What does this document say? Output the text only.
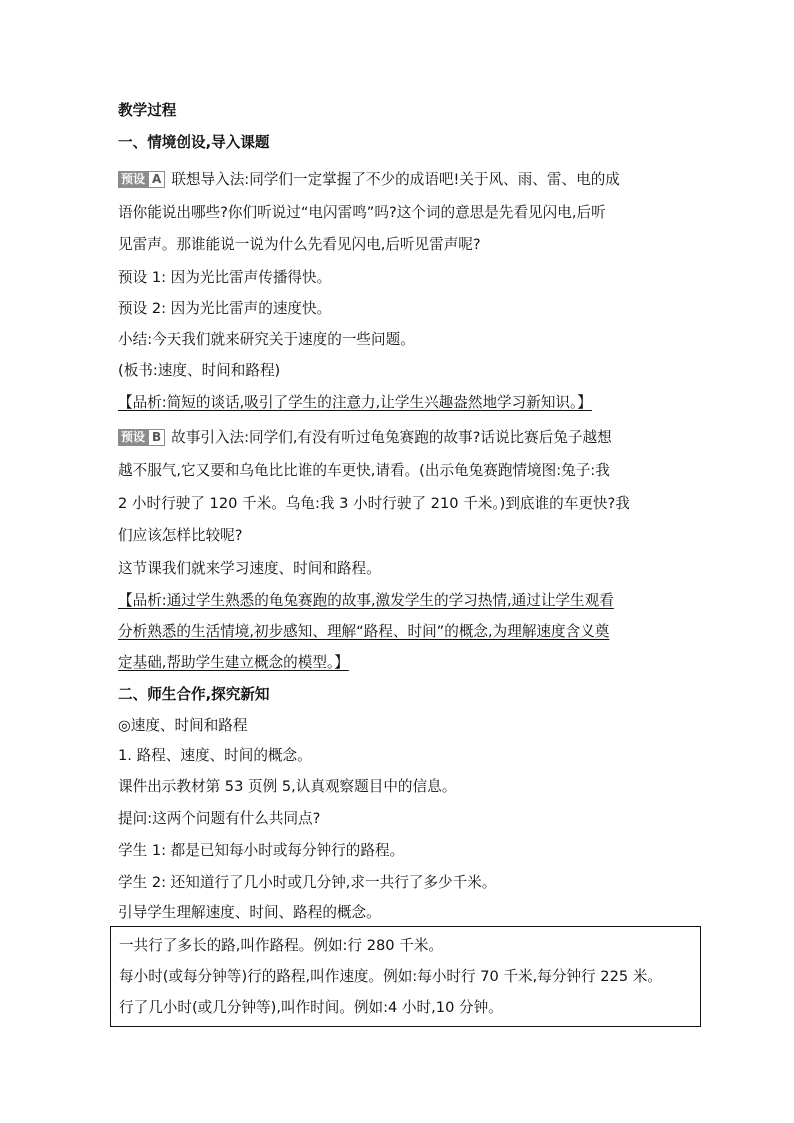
教学过程
一、情境创设,导入课题
预设 A 联想导入法:同学们一定掌握了不少的成语吧!关于风、雨、雷、电的成
语你能说出哪些?你们听说过“电闪雷鸣”吗?这个词的意思是先看见闪电,后听
见雷声。那谁能说一说为什么先看见闪电,后听见雷声呢?
预设 1: 因为光比雷声传播得快。
预设 2: 因为光比雷声的速度快。
小结:今天我们就来研究关于速度的一些问题。
(板书:速度、时间和路程)
【品析:简短的谈话,吸引了学生的注意力,让学生兴趣盎然地学习新知识。】
预设 B 故事引入法:同学们,有没有听过龟兔赛跑的故事?话说比赛后兔子越想
越不服气,它又要和乌龟比比谁的车更快,请看。(出示龟兔赛跑情境图:兔子:我
2 小时行驶了 120 千米。乌龟:我 3 小时行驶了 210 千米。)到底谁的车更快?我
们应该怎样比较呢?
这节课我们就来学习速度、时间和路程。
【品析:通过学生熟悉的龟兔赛跑的故事,激发学生的学习热情,通过让学生观看
分析熟悉的生活情境,初步感知、理解“路程、时间”的概念,为理解速度含义奠
定基础,帮助学生建立概念的模型。】
二、师生合作,探究新知
◎速度、时间和路程
1. 路程、速度、时间的概念。
课件出示教材第 53 页例 5,认真观察题目中的信息。
提问:这两个问题有什么共同点?
学生 1: 都是已知每小时或每分钟行的路程。
学生 2: 还知道行了几小时或几分钟,求一共行了多少千米。
引导学生理解速度、时间、路程的概念。
一共行了多长的路,叫作路程。例如:行 280 千米。
每小时(或每分钟等)行的路程,叫作速度。例如:每小时行 70 千米,每分钟行 225 米。
行了几小时(或几分钟等),叫作时间。例如:4 小时,10 分钟。
